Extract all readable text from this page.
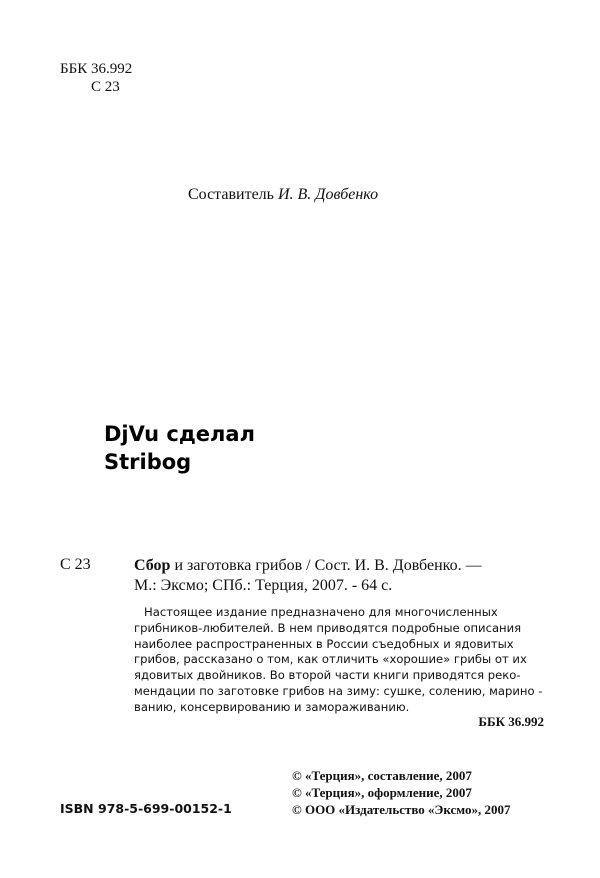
ББК 36.992
С 23
Составитель И. В. Довбенко
DjVu сделал
Stribog
С 23	Сбор и заготовка грибов / Сост. И. В. Довбенко. —
М.: Эксмо; СПб.: Терция, 2007. - 64 с.
Настоящее издание предназначено для многочисленных
грибников-любителей. В нем приводятся подробные описания
наиболее распространенных в России съедобных и ядовитых
грибов, рассказано о том, как отличить «хорошие» грибы от их
ядовитых двойников. Во второй части книги приводятся реко-
мендации по заготовке грибов на зиму: сушке, солению, марино -
ванию, консервированию и замораживанию.
ББК 36.992
© «Терция», составление, 2007
© «Терция», оформление, 2007
© ООО «Издательство «Эксмо», 2007
ISBN 978-5-699-00152-1
